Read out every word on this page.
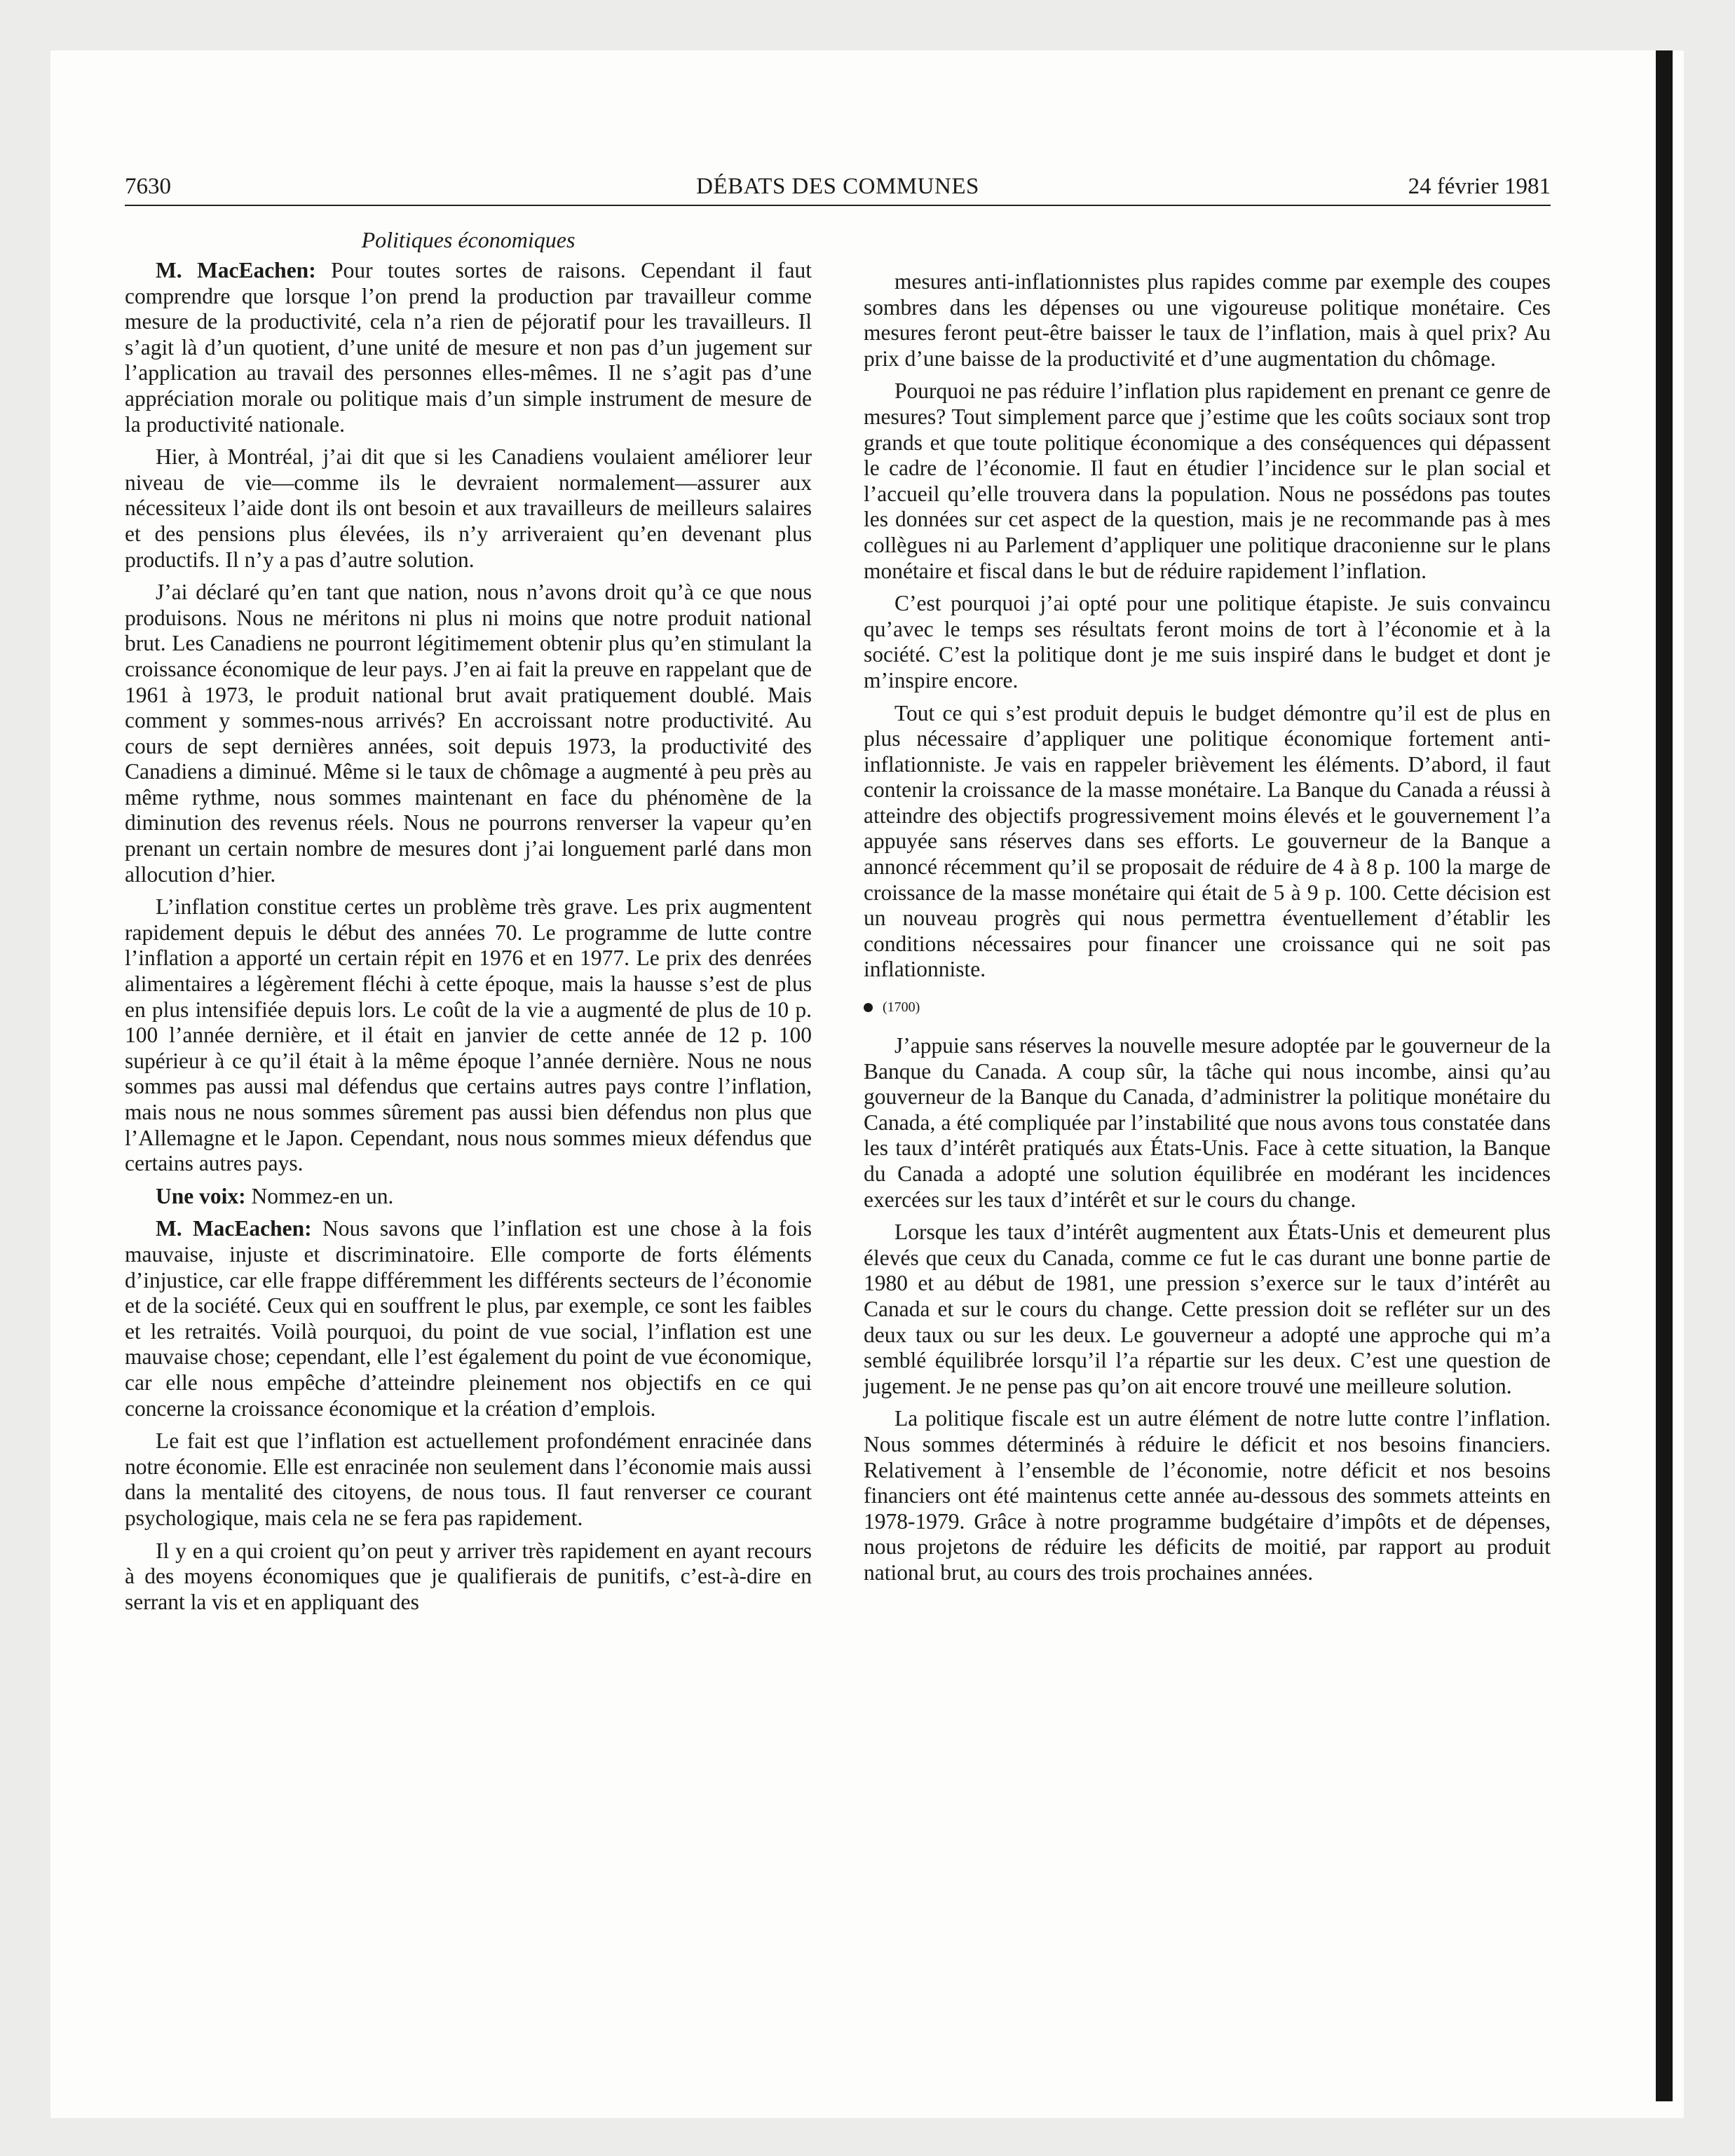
7630	DÉBATS DES COMMUNES	24 février 1981
Politiques économiques

M. MacEachen: Pour toutes sortes de raisons. Cependant il faut comprendre que lorsque l’on prend la production par travailleur comme mesure de la productivité, cela n’a rien de péjoratif pour les travailleurs. Il s’agit là d’un quotient, d’une unité de mesure et non pas d’un jugement sur l’application au travail des personnes elles-mêmes. Il ne s’agit pas d’une appréciation morale ou politique mais d’un simple instrument de mesure de la productivité nationale.

Hier, à Montréal, j’ai dit que si les Canadiens voulaient améliorer leur niveau de vie—comme ils le devraient normalement—assurer aux nécessiteux l’aide dont ils ont besoin et aux travailleurs de meilleurs salaires et des pensions plus élevées, ils n’y arriveraient qu’en devenant plus productifs. Il n’y a pas d’autre solution.

J’ai déclaré qu’en tant que nation, nous n’avons droit qu’à ce que nous produisons. Nous ne méritons ni plus ni moins que notre produit national brut. Les Canadiens ne pourront légitimement obtenir plus qu’en stimulant la croissance économique de leur pays. J’en ai fait la preuve en rappelant que de 1961 à 1973, le produit national brut avait pratiquement doublé. Mais comment y sommes-nous arrivés? En accroissant notre productivité. Au cours de sept dernières années, soit depuis 1973, la productivité des Canadiens a diminué. Même si le taux de chômage a augmenté à peu près au même rythme, nous sommes maintenant en face du phénomène de la diminution des revenus réels. Nous ne pourrons renverser la vapeur qu’en prenant un certain nombre de mesures dont j’ai longuement parlé dans mon allocution d’hier.

L’inflation constitue certes un problème très grave. Les prix augmentent rapidement depuis le début des années 70. Le programme de lutte contre l’inflation a apporté un certain répit en 1976 et en 1977. Le prix des denrées alimentaires a légèrement fléchi à cette époque, mais la hausse s’est de plus en plus intensifiée depuis lors. Le coût de la vie a augmenté de plus de 10 p. 100 l’année dernière, et il était en janvier de cette année de 12 p. 100 supérieur à ce qu’il était à la même époque l’année dernière. Nous ne nous sommes pas aussi mal défendus que certains autres pays contre l’inflation, mais nous ne nous sommes sûrement pas aussi bien défendus non plus que l’Allemagne et le Japon. Cependant, nous nous sommes mieux défendus que certains autres pays.

Une voix: Nommez-en un.

M. MacEachen: Nous savons que l’inflation est une chose à la fois mauvaise, injuste et discriminatoire. Elle comporte de forts éléments d’injustice, car elle frappe différemment les différents secteurs de l’économie et de la société. Ceux qui en souffrent le plus, par exemple, ce sont les faibles et les retraités. Voilà pourquoi, du point de vue social, l’inflation est une mauvaise chose; cependant, elle l’est également du point de vue économique, car elle nous empêche d’atteindre pleinement nos objectifs en ce qui concerne la croissance économique et la création d’emplois.

Le fait est que l’inflation est actuellement profondément enracinée dans notre économie. Elle est enracinée non seulement dans l’économie mais aussi dans la mentalité des citoyens, de nous tous. Il faut renverser ce courant psychologique, mais cela ne se fera pas rapidement.

Il y en a qui croient qu’on peut y arriver très rapidement en ayant recours à des moyens économiques que je qualifierais de punitifs, c’est-à-dire en serrant la vis et en appliquant des

mesures anti-inflationnistes plus rapides comme par exemple des coupes sombres dans les dépenses ou une vigoureuse politique monétaire. Ces mesures feront peut-être baisser le taux de l’inflation, mais à quel prix? Au prix d’une baisse de la productivité et d’une augmentation du chômage.

Pourquoi ne pas réduire l’inflation plus rapidement en prenant ce genre de mesures? Tout simplement parce que j’estime que les coûts sociaux sont trop grands et que toute politique économique a des conséquences qui dépassent le cadre de l’économie. Il faut en étudier l’incidence sur le plan social et l’accueil qu’elle trouvera dans la population. Nous ne possédons pas toutes les données sur cet aspect de la question, mais je ne recommande pas à mes collègues ni au Parlement d’appliquer une politique draconienne sur le plans monétaire et fiscal dans le but de réduire rapidement l’inflation.

C’est pourquoi j’ai opté pour une politique étapiste. Je suis convaincu qu’avec le temps ses résultats feront moins de tort à l’économie et à la société. C’est la politique dont je me suis inspiré dans le budget et dont je m’inspire encore.

Tout ce qui s’est produit depuis le budget démontre qu’il est de plus en plus nécessaire d’appliquer une politique économique fortement anti-inflationniste. Je vais en rappeler brièvement les éléments. D’abord, il faut contenir la croissance de la masse monétaire. La Banque du Canada a réussi à atteindre des objectifs progressivement moins élevés et le gouvernement l’a appuyée sans réserves dans ses efforts. Le gouverneur de la Banque a annoncé récemment qu’il se proposait de réduire de 4 à 8 p. 100 la marge de croissance de la masse monétaire qui était de 5 à 9 p. 100. Cette décision est un nouveau progrès qui nous permettra éventuellement d’établir les conditions nécessaires pour financer une croissance qui ne soit pas inflationniste.

(1700)

J’appuie sans réserves la nouvelle mesure adoptée par le gouverneur de la Banque du Canada. A coup sûr, la tâche qui nous incombe, ainsi qu’au gouverneur de la Banque du Canada, d’administrer la politique monétaire du Canada, a été compliquée par l’instabilité que nous avons tous constatée dans les taux d’intérêt pratiqués aux États-Unis. Face à cette situation, la Banque du Canada a adopté une solution équilibrée en modérant les incidences exercées sur les taux d’intérêt et sur le cours du change.

Lorsque les taux d’intérêt augmentent aux États-Unis et demeurent plus élevés que ceux du Canada, comme ce fut le cas durant une bonne partie de 1980 et au début de 1981, une pression s’exerce sur le taux d’intérêt au Canada et sur le cours du change. Cette pression doit se refléter sur un des deux taux ou sur les deux. Le gouverneur a adopté une approche qui m’a semblé équilibrée lorsqu’il l’a répartie sur les deux. C’est une question de jugement. Je ne pense pas qu’on ait encore trouvé une meilleure solution.

La politique fiscale est un autre élément de notre lutte contre l’inflation. Nous sommes déterminés à réduire le déficit et nos besoins financiers. Relativement à l’ensemble de l’économie, notre déficit et nos besoins financiers ont été maintenus cette année au-dessous des sommets atteints en 1978-1979. Grâce à notre programme budgétaire d’impôts et de dépenses, nous projetons de réduire les déficits de moitié, par rapport au produit national brut, au cours des trois prochaines années.
